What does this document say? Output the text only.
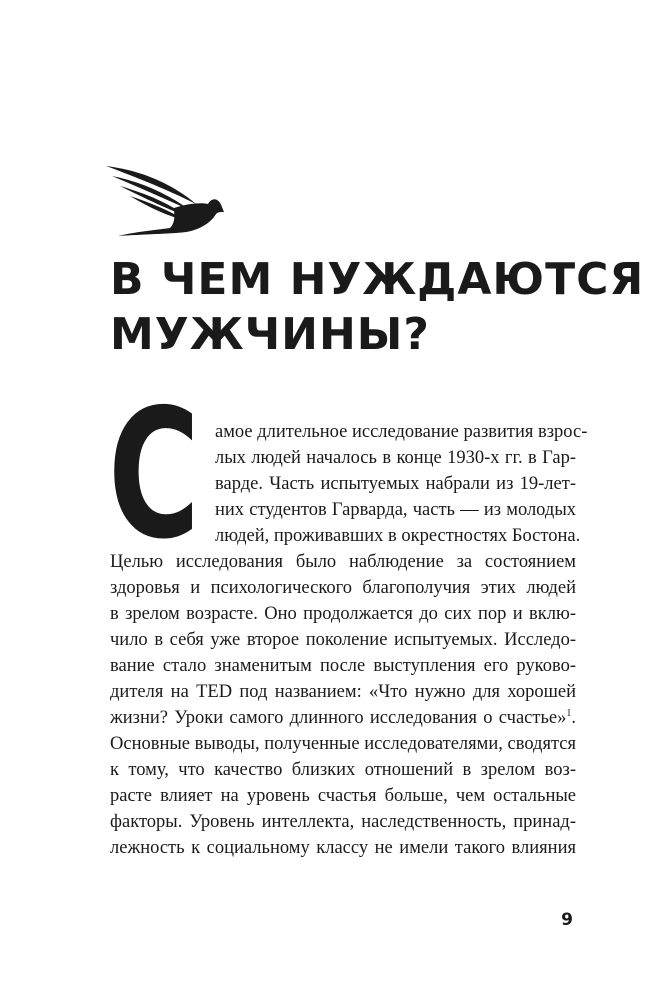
В ЧЕМ НУЖДАЮТСЯ
МУЖЧИНЫ?
С амое длительное исследование развития взрос-
лых людей началось в конце 1930-х гг. в Гар-
варде. Часть испытуемых набрали из 19-лет-
них студентов Гарварда, часть — из молодых
людей, проживавших в окрестностях Бостона.
Целью исследования было наблюдение за состоянием
здоровья и психологического благополучия этих людей
в зрелом возрасте. Оно продолжается до сих пор и вклю-
чило в себя уже второе поколение испытуемых. Исследо-
вание стало знаменитым после выступления его руково-
дителя на TED под названием: «Что нужно для хорошей
жизни? Уроки самого длинного исследования о счастье»$^1$.
Основные выводы, полученные исследователями, сводятся
к тому, что качество близких отношений в зрелом воз-
расте влияет на уровень счастья больше, чем остальные
факторы. Уровень интеллекта, наследственность, принад-
лежность к социальному классу не имели такого влияния
9
